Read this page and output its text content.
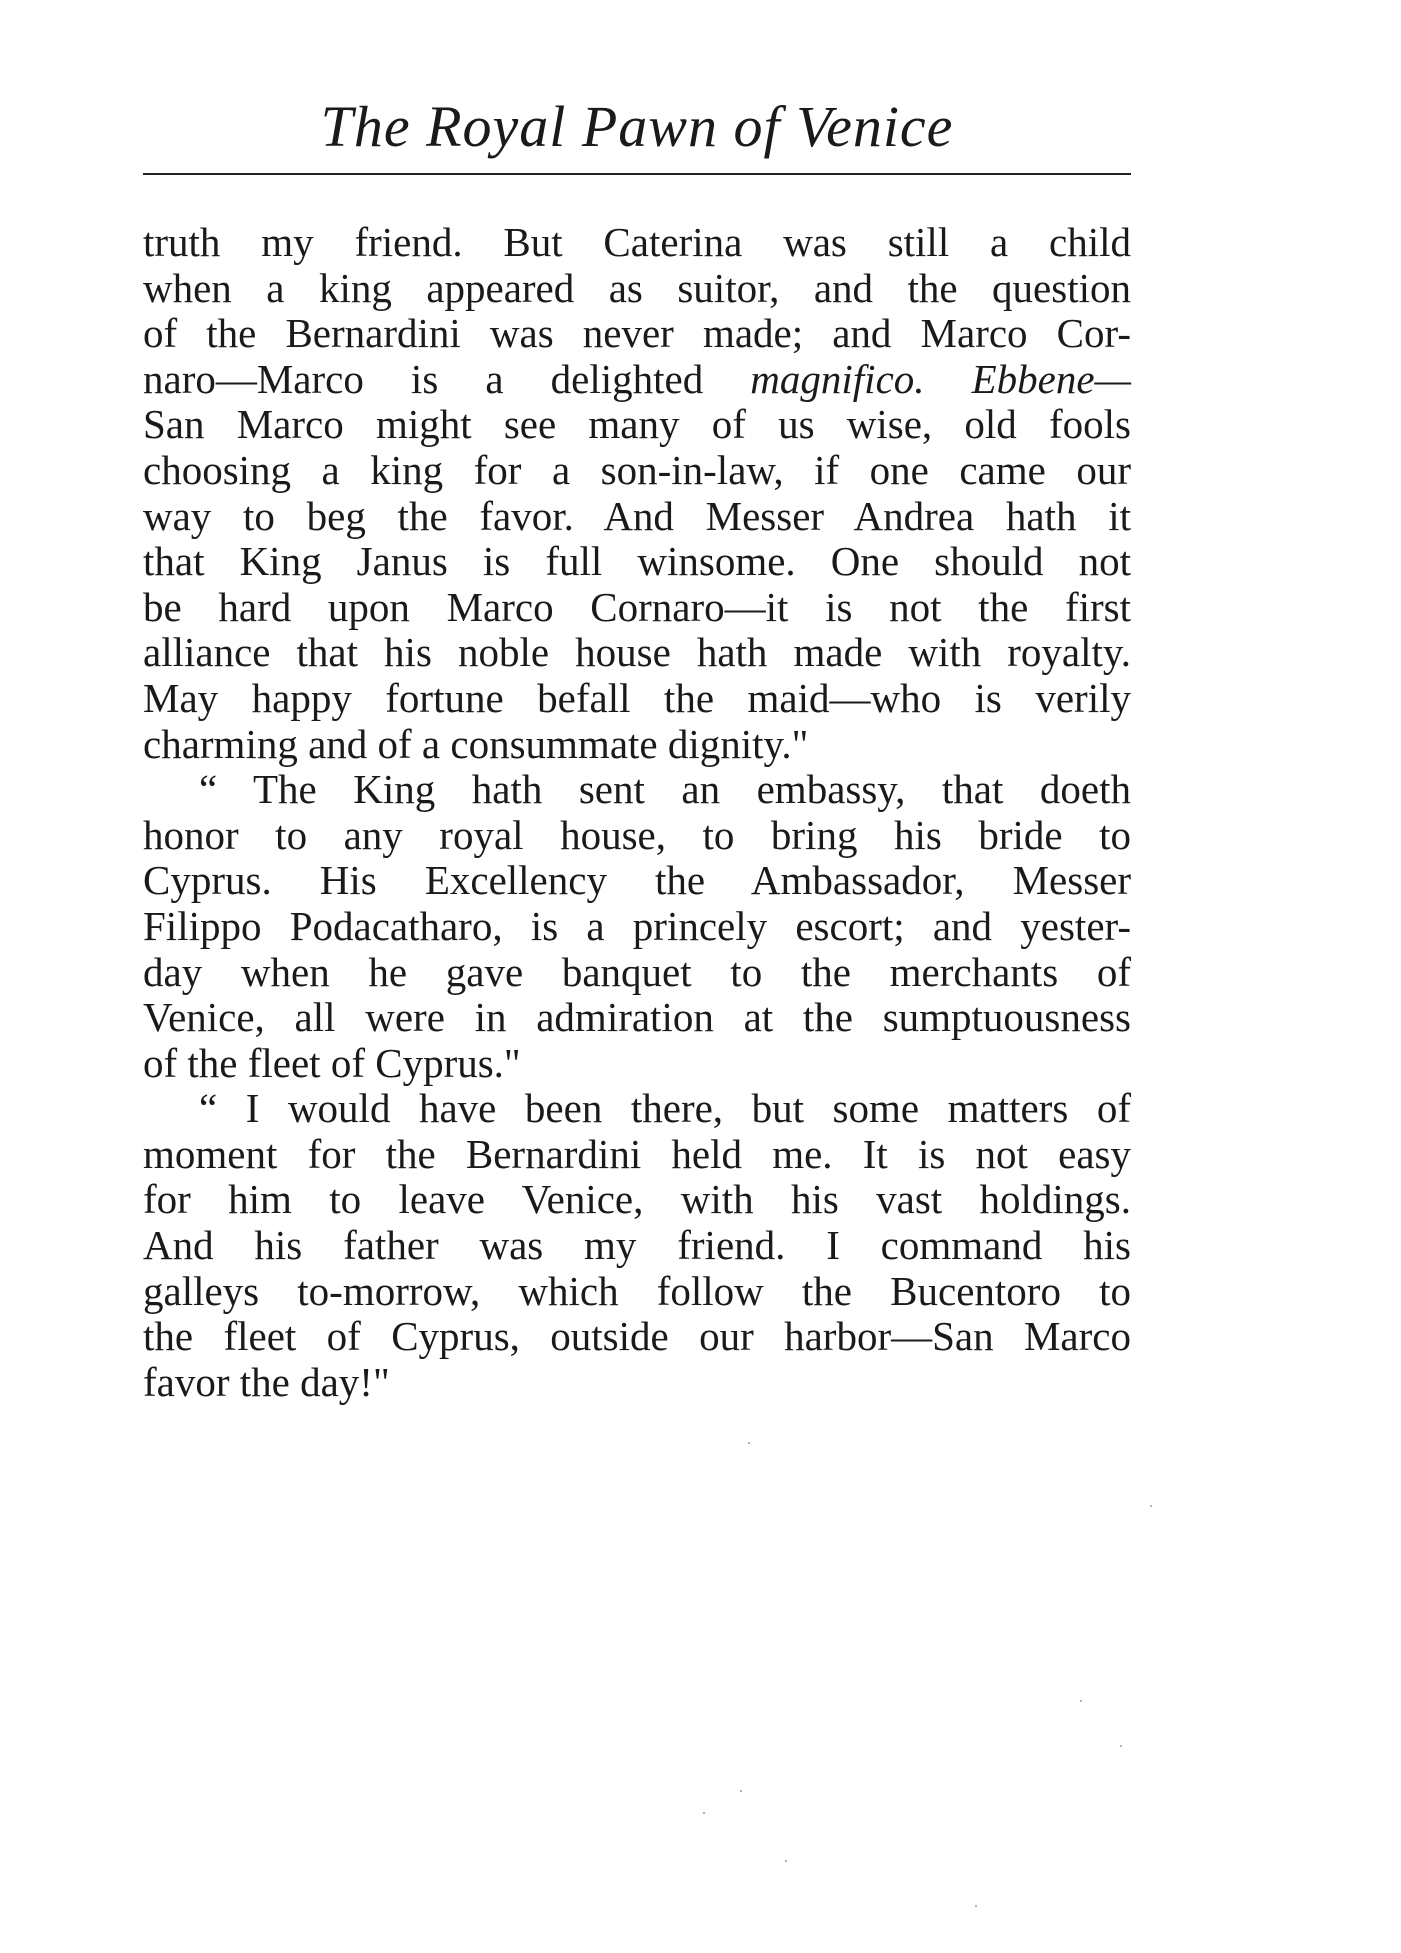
The Royal Pawn of Venice
truth my friend. But Caterina was still a child
when a king appeared as suitor, and the question
of the Bernardini was never made; and Marco Cor-
naro—Marco is a delighted magnifico. Ebbene—
San Marco might see many of us wise, old fools
choosing a king for a son-in-law, if one came our
way to beg the favor. And Messer Andrea hath it
that King Janus is full winsome. One should not
be hard upon Marco Cornaro—it is not the first
alliance that his noble house hath made with royalty.
May happy fortune befall the maid—who is verily
charming and of a consummate dignity."
“ The King hath sent an embassy, that doeth
honor to any royal house, to bring his bride to
Cyprus. His Excellency the Ambassador, Messer
Filippo Podacatharo, is a princely escort; and yester-
day when he gave banquet to the merchants of
Venice, all were in admiration at the sumptuousness
of the fleet of Cyprus."
“ I would have been there, but some matters of
moment for the Bernardini held me. It is not easy
for him to leave Venice, with his vast holdings.
And his father was my friend. I command his
galleys to-morrow, which follow the Bucentoro to
the fleet of Cyprus, outside our harbor—San Marco
favor the day!"
